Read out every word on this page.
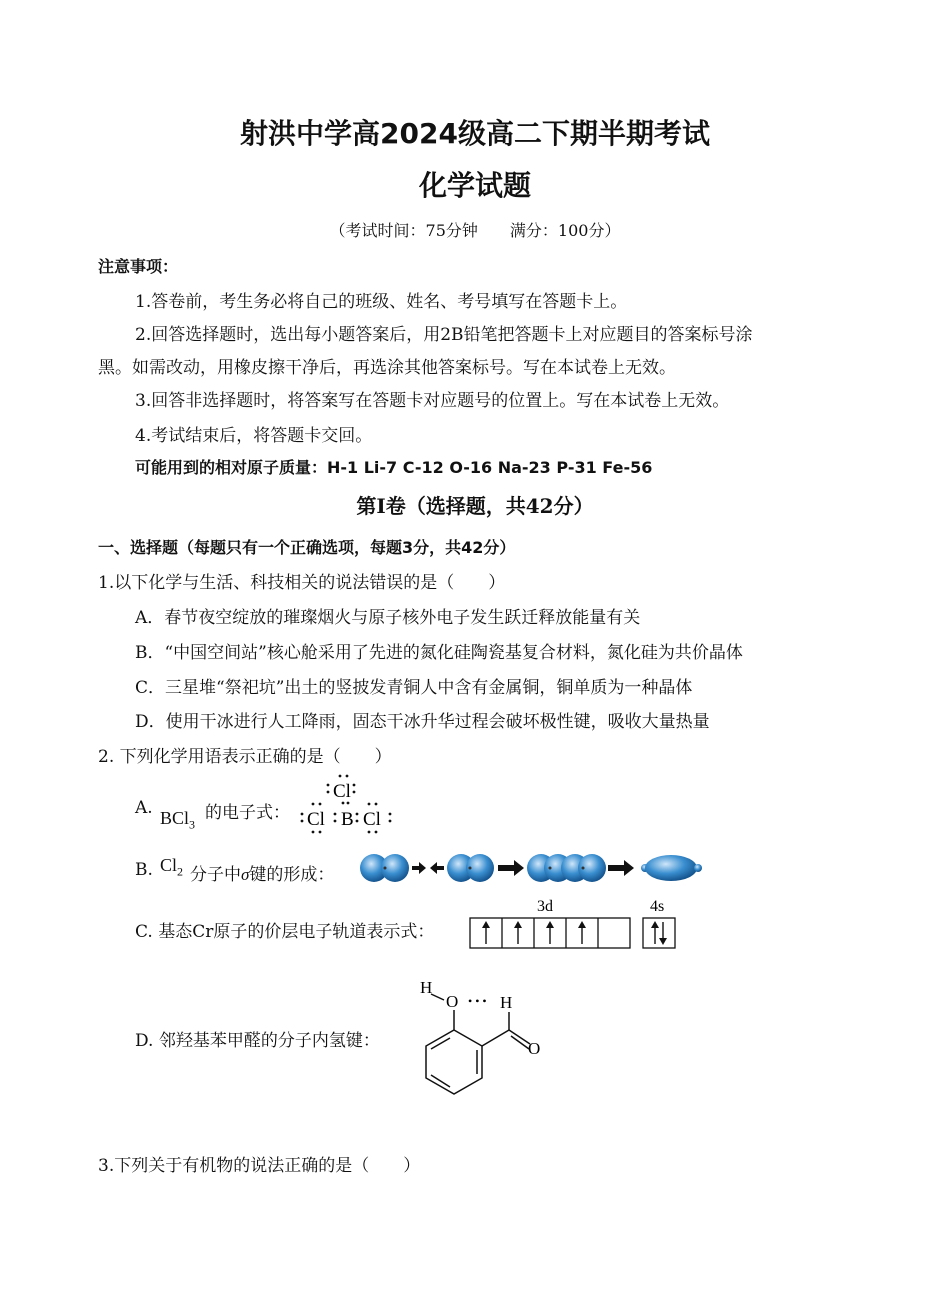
射洪中学高2024级高二下期半期考试
化学试题
（考试时间：75分钟　　满分：100分）
注意事项：
1.答卷前，考生务必将自己的班级、姓名、考号填写在答题卡上。
2.回答选择题时，选出每小题答案后，用2B铅笔把答题卡上对应题目的答案标号涂
黑。如需改动，用橡皮擦干净后，再选涂其他答案标号。写在本试卷上无效。
3.回答非选择题时，将答案写在答题卡对应题号的位置上。写在本试卷上无效。
4.考试结束后，将答题卡交回。
可能用到的相对原子质量：H-1 Li-7 C-12 O-16 Na-23 P-31 Fe-56
第Ⅰ卷（选择题，共42分）
一、选择题（每题只有一个正确选项，每题3分，共42分）
1.以下化学与生活、科技相关的说法错误的是（　　）
A．春节夜空绽放的璀璨烟火与原子核外电子发生跃迁释放能量有关
B．“中国空间站”核心舱采用了先进的氮化硅陶瓷基复合材料，氮化硅为共价晶体
C．三星堆“祭祀坑”出土的竖披发青铜人中含有金属铜，铜单质为一种晶体
D．使用干冰进行人工降雨，固态干冰升华过程会破坏极性键，吸收大量热量
2. 下列化学用语表示正确的是（　　）
A. BCl$_3$
的电子式：
Cl
Cl B Cl
B. $Cl_2$ 分子中σ键的形成：
C. 基态Cr原子的价层电子轨道表示式：
3d	4s
D. 邻羟基苯甲醛的分子内氢键：
H
O • • • H
O
3.下列关于有机物的说法正确的是（　　）
